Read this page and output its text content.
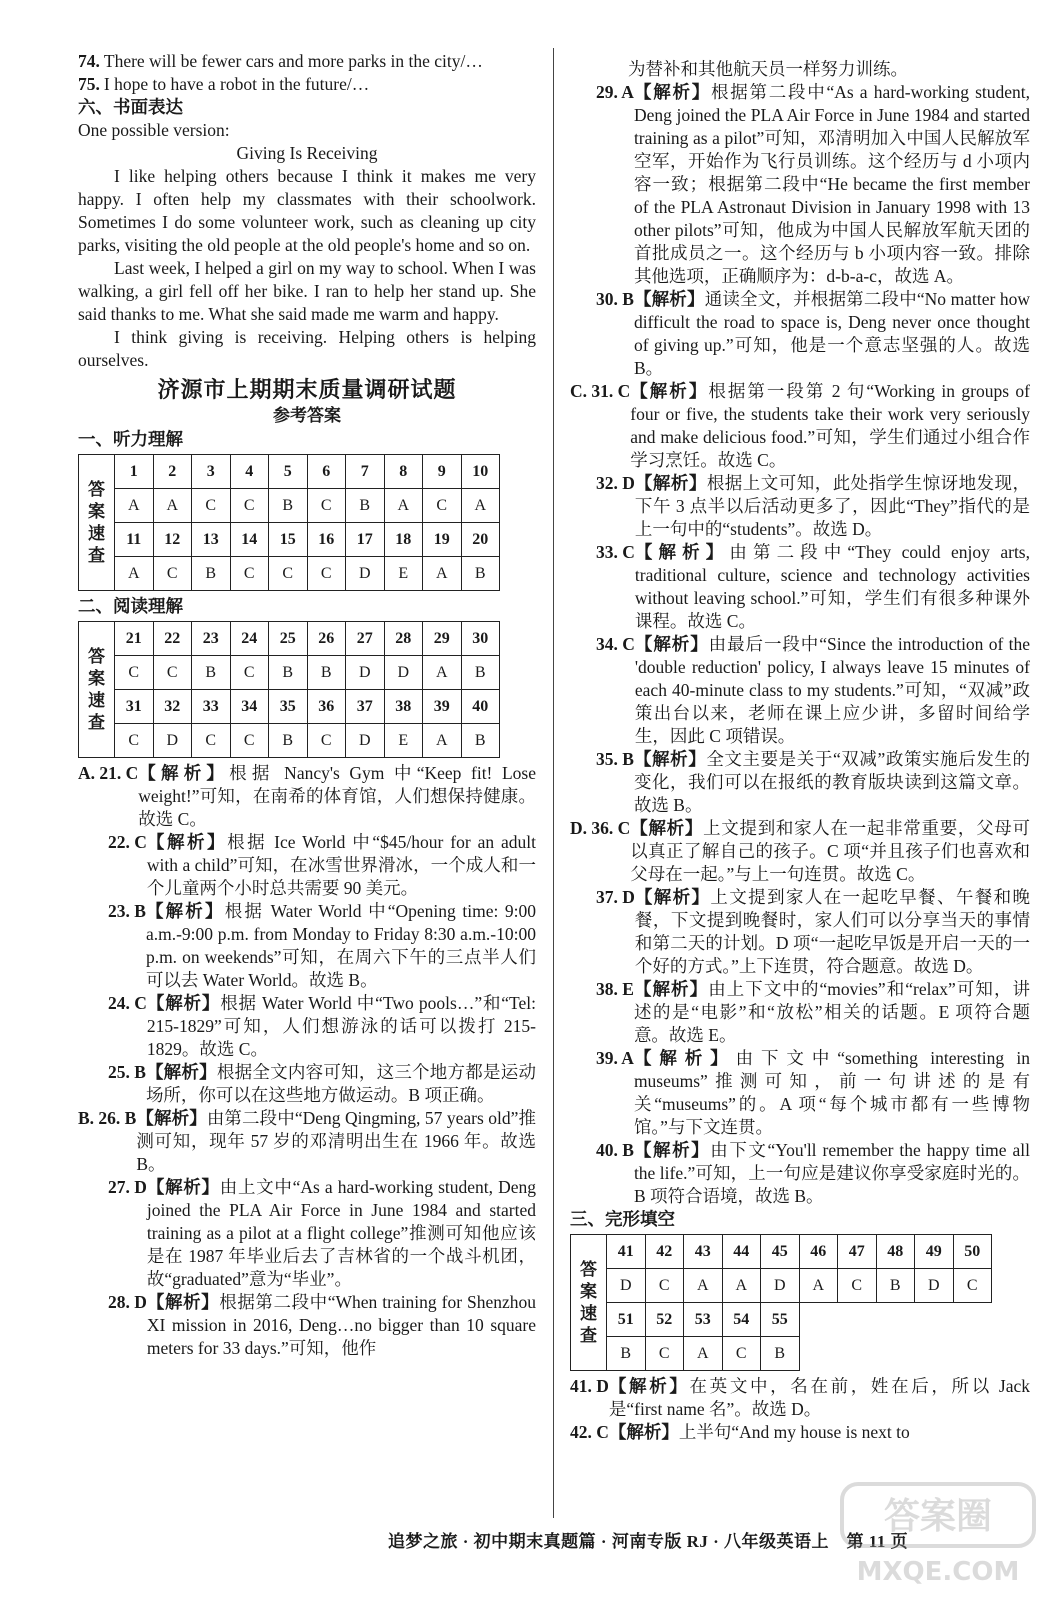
74. There will be fewer cars and more parks in the city/…
75. I hope to have a robot in the future/…
六、书面表达
One possible version:
Giving Is Receiving
I like helping others because I think it makes me very happy. I often help my classmates with their schoolwork. Sometimes I do some volunteer work, such as cleaning up city parks, visiting the old people at the old people's home and so on.
Last week, I helped a girl on my way to school. When I was walking, a girl fell off her bike. I ran to help her stand up. She said thanks to me. What she said made me warm and happy.
I think giving is receiving. Helping others is helping ourselves.
济源市上期期末质量调研试题
参考答案
一、听力理解
答
案
速
查	1	2	3	4	5	6	7	8	9	10
	A	A	C	C	B	C	B	A	C	A
	11	12	13	14	15	16	17	18	19	20
	A	C	B	C	C	C	D	E	A	B
二、阅读理解
答
案
速
查	21	22	23	24	25	26	27	28	29	30
	C	C	B	C	B	B	D	D	A	B
	31	32	33	34	35	36	37	38	39	40
	C	D	C	C	B	C	D	E	A	B
A. 21. C 【解析】根据 Nancy's Gym 中“Keep fit! Lose weight!”可知，在南希的体育馆，人们想保持健康。故选 C。
22. C 【解析】根据 Ice World 中“$45/hour for an adult with a child”可知，在冰雪世界滑冰，一个成人和一个儿童两个小时总共需要 90 美元。
23. B 【解析】根据 Water World 中“Opening time: 9:00 a.m.-9:00 p.m. from Monday to Friday 8:30 a.m.-10:00 p.m. on weekends”可知，在周六下午的三点半人们可以去 Water World。故选 B。
24. C 【解析】根据 Water World 中“Two pools…”和“Tel: 215-1829”可知，人们想游泳的话可以拨打 215-1829。故选 C。
25. B 【解析】根据全文内容可知，这三个地方都是运动场所，你可以在这些地方做运动。B 项正确。
B. 26. B 【解析】由第二段中“Deng Qingming, 57 years old”推测可知，现年 57 岁的邓清明出生在 1966 年。故选 B。
27. D 【解析】由上文中“As a hard-working student, Deng joined the PLA Air Force in June 1984 and started training as a pilot at a flight college”推测可知他应该是在 1987 年毕业后去了吉林省的一个战斗机团，故“graduated”意为“毕业”。
28. D 【解析】根据第二段中“When training for Shenzhou XI mission in 2016, Deng…no bigger than 10 square meters for 33 days.”可知，他作
为替补和其他航天员一样努力训练。
29. A 【解析】根据第二段中“As a hard-working student, Deng joined the PLA Air Force in June 1984 and started training as a pilot”可知，邓清明加入中国人民解放军空军，开始作为飞行员训练。这个经历与 d 小项内容一致；根据第二段中“He became the first member of the PLA Astronaut Division in January 1998 with 13 other pilots”可知，他成为中国人民解放军航天团的首批成员之一。这个经历与 b 小项内容一致。排除其他选项，正确顺序为：d-b-a-c，故选 A。
30. B 【解析】通读全文，并根据第二段中“No matter how difficult the road to space is, Deng never once thought of giving up.”可知，他是一个意志坚强的人。故选 B。
C. 31. C 【解析】根据第一段第 2 句“Working in groups of four or five, the students take their work very seriously and make delicious food.”可知，学生们通过小组合作学习烹饪。故选 C。
32. D 【解析】根据上文可知，此处指学生惊讶地发现，下午 3 点半以后活动更多了，因此“They”指代的是上一句中的“students”。故选 D。
33. C 【解析】由第二段中“They could enjoy arts, traditional culture, science and technology activities without leaving school.”可知，学生们有很多种课外课程。故选 C。
34. C 【解析】由最后一段中“Since the introduction of the 'double reduction' policy, I always leave 15 minutes of each 40-minute class to my students.”可知，“双减”政策出台以来，老师在课上应少讲，多留时间给学生，因此 C 项错误。
35. B 【解析】全文主要是关于“双减”政策实施后发生的变化，我们可以在报纸的教育版块读到这篇文章。故选 B。
D. 36. C 【解析】上文提到和家人在一起非常重要，父母可以真正了解自己的孩子。C 项“并且孩子们也喜欢和父母在一起。”与上一句连贯。故选 C。
37. D 【解析】上文提到家人在一起吃早餐、午餐和晚餐，下文提到晚餐时，家人们可以分享当天的事情和第二天的计划。D 项“一起吃早饭是开启一天的一个好的方式。”上下连贯，符合题意。故选 D。
38. E 【解析】由上下文中的“movies”和“relax”可知，讲述的是“电影”和“放松”相关的话题。E 项符合题意。故选 E。
39. A 【解析】由下文中“something interesting in museums”推测可知，前一句讲述的是有关“museums”的。A 项“每个城市都有一些博物馆。”与下文连贯。
40. B 【解析】由下文“You'll remember the happy time all the life.”可知，上一句应是建议你享受家庭时光的。B 项符合语境，故选 B。
三、完形填空
答
案
速
查	41	42	43	44	45	46	47	48	49	50
	D	C	A	A	D	A	C	B	D	C
	51	52	53	54	55					
	B	C	A	C	B					
41. D 【解析】在英文中，名在前，姓在后，所以 Jack 是“first name 名”。故选 D。
42. C 【解析】上半句“And my house is next to
追梦之旅 · 初中期末真题篇 · 河南专版 RJ · 八年级英语上　第 11 页
答案圈
MXQE.COM
